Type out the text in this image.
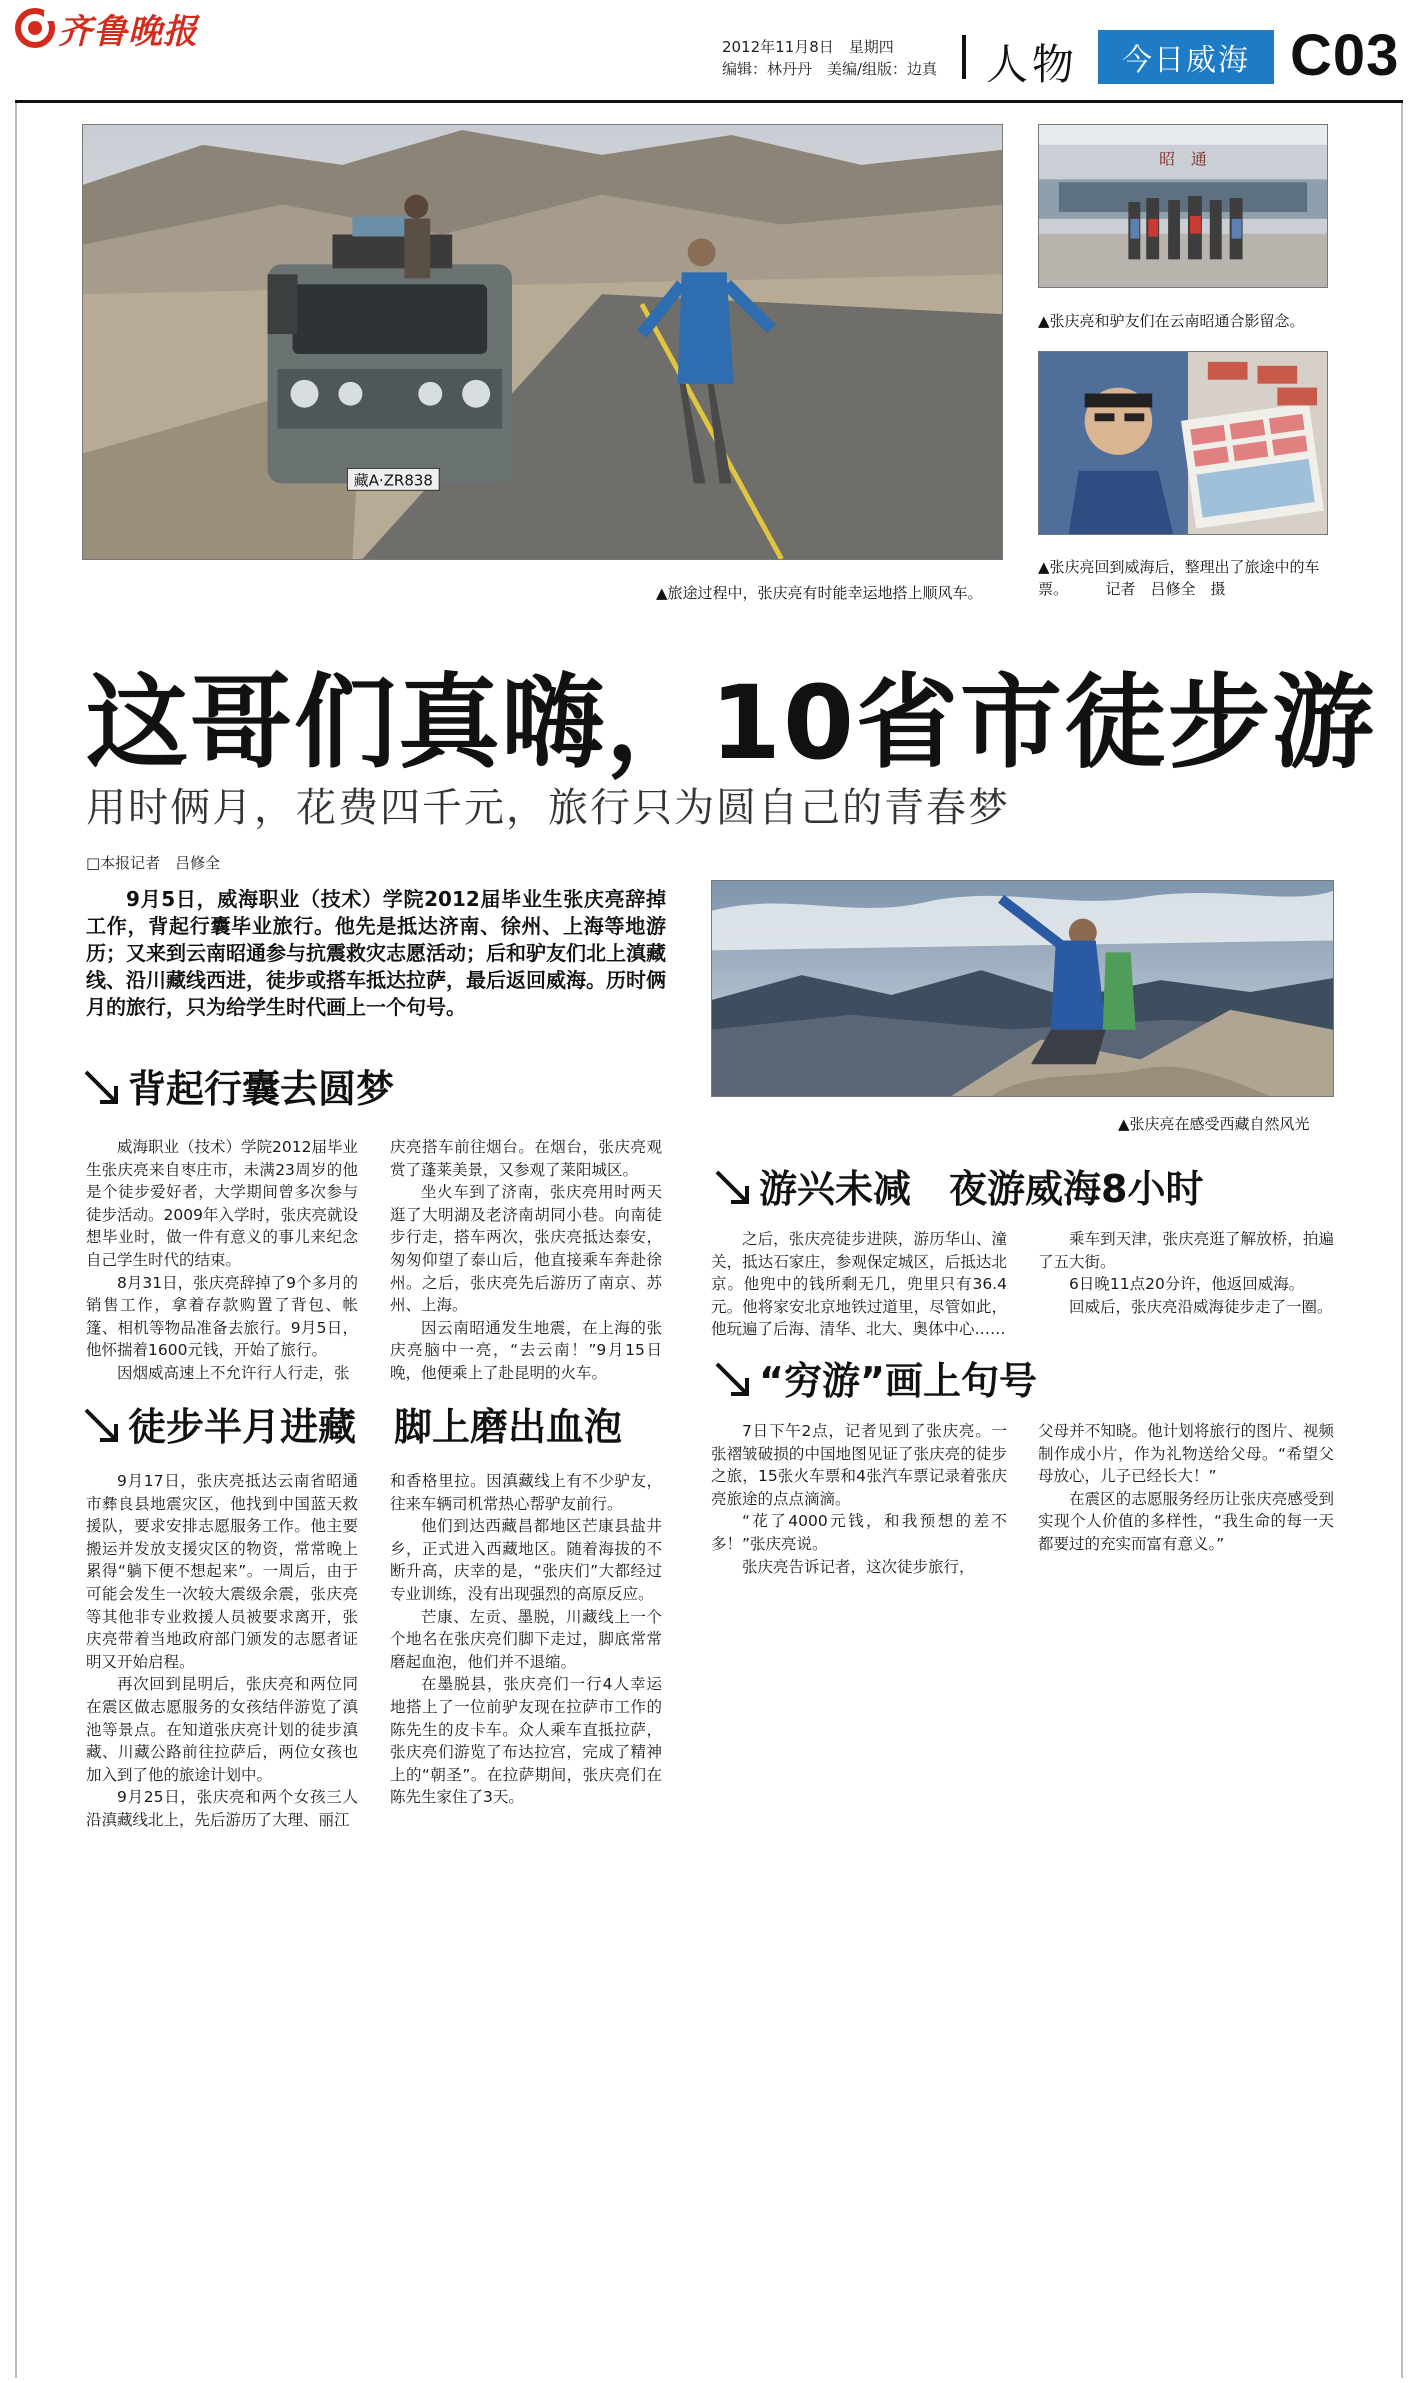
齐鲁晚报	2012年11月8日　星期四
编辑：林丹丹　美编/组版：边真 人物	今日威海 C03
藏A·ZR838
▲旅途过程中，张庆亮有时能幸运地搭上顺风车。
昭　通
▲张庆亮和驴友们在云南昭通合影留念。
▲张庆亮回到威海后，整理出了旅途中的车票。　　　记者　吕修全　摄
这哥们真嗨，10省市徒步游
用时俩月，花费四千元，旅行只为圆自己的青春梦
□本报记者　吕修全
9月5日，威海职业（技术）学院2012届毕业生张庆亮辞掉工作，背起行囊毕业旅行。他先是抵达济南、徐州、上海等地游历；又来到云南昭通参与抗震救灾志愿活动；后和驴友们北上滇藏线、沿川藏线西进，徒步或搭车抵达拉萨，最后返回威海。历时俩月的旅行，只为给学生时代画上一个句号。
▲张庆亮在感受西藏自然风光
背起行囊去圆梦

威海职业（技术）学院2012届毕业生张庆亮来自枣庄市，未满23周岁的他是个徒步爱好者，大学期间曾多次参与徒步活动。2009年入学时，张庆亮就设想毕业时，做一件有意义的事儿来纪念自己学生时代的结束。

8月31日，张庆亮辞掉了9个多月的销售工作，拿着存款购置了背包、帐篷、相机等物品准备去旅行。9月5日，他怀揣着1600元钱，开始了旅行。

因烟威高速上不允许行人行走，张

庆亮搭车前往烟台。在烟台，张庆亮观赏了蓬莱美景，又参观了莱阳城区。

坐火车到了济南，张庆亮用时两天逛了大明湖及老济南胡同小巷。向南徒步行走，搭车两次，张庆亮抵达泰安，匆匆仰望了泰山后，他直接乘车奔赴徐州。之后，张庆亮先后游历了南京、苏州、上海。

因云南昭通发生地震，在上海的张庆亮脑中一亮，“去云南！”9月15日晚，他便乘上了赴昆明的火车。

徒步半月进藏　脚上磨出血泡

9月17日，张庆亮抵达云南省昭通市彝良县地震灾区，他找到中国蓝天救援队，要求安排志愿服务工作。他主要搬运并发放支援灾区的物资，常常晚上累得“躺下便不想起来”。一周后，由于可能会发生一次较大震级余震，张庆亮等其他非专业救援人员被要求离开，张庆亮带着当地政府部门颁发的志愿者证明又开始启程。

再次回到昆明后，张庆亮和两位同在震区做志愿服务的女孩结伴游览了滇池等景点。在知道张庆亮计划的徒步滇藏、川藏公路前往拉萨后，两位女孩也加入到了他的旅途计划中。

9月25日，张庆亮和两个女孩三人沿滇藏线北上，先后游历了大理、丽江

和香格里拉。因滇藏线上有不少驴友，往来车辆司机常热心帮驴友前行。

他们到达西藏昌都地区芒康县盐井乡，正式进入西藏地区。随着海拔的不断升高，庆幸的是，“张庆们”大都经过专业训练，没有出现强烈的高原反应。

芒康、左贡、墨脱，川藏线上一个个地名在张庆亮们脚下走过，脚底常常磨起血泡，他们并不退缩。

在墨脱县，张庆亮们一行4人幸运地搭上了一位前驴友现在拉萨市工作的陈先生的皮卡车。众人乘车直抵拉萨，张庆亮们游览了布达拉宫，完成了精神上的“朝圣”。在拉萨期间，张庆亮们在陈先生家住了3天。

游兴未减　夜游威海8小时

之后，张庆亮徒步进陕，游历华山、潼关，抵达石家庄，参观保定城区，后抵达北京。他兜中的钱所剩无几，兜里只有36.4元。他将家安北京地铁过道里，尽管如此，他玩遍了后海、清华、北大、奥体中心……

乘车到天津，张庆亮逛了解放桥，拍遍了五大街。

6日晚11点20分许，他返回威海。

回威后，张庆亮沿威海徒步走了一圈。

“穷游”画上句号

7日下午2点，记者见到了张庆亮。一张褶皱破损的中国地图见证了张庆亮的徒步之旅，15张火车票和4张汽车票记录着张庆亮旅途的点点滴滴。

“花了4000元钱，和我预想的差不多！”张庆亮说。

张庆亮告诉记者，这次徒步旅行，

父母并不知晓。他计划将旅行的图片、视频制作成小片，作为礼物送给父母。“希望父母放心，儿子已经长大！”

在震区的志愿服务经历让张庆亮感受到实现个人价值的多样性，“我生命的每一天都要过的充实而富有意义。”
